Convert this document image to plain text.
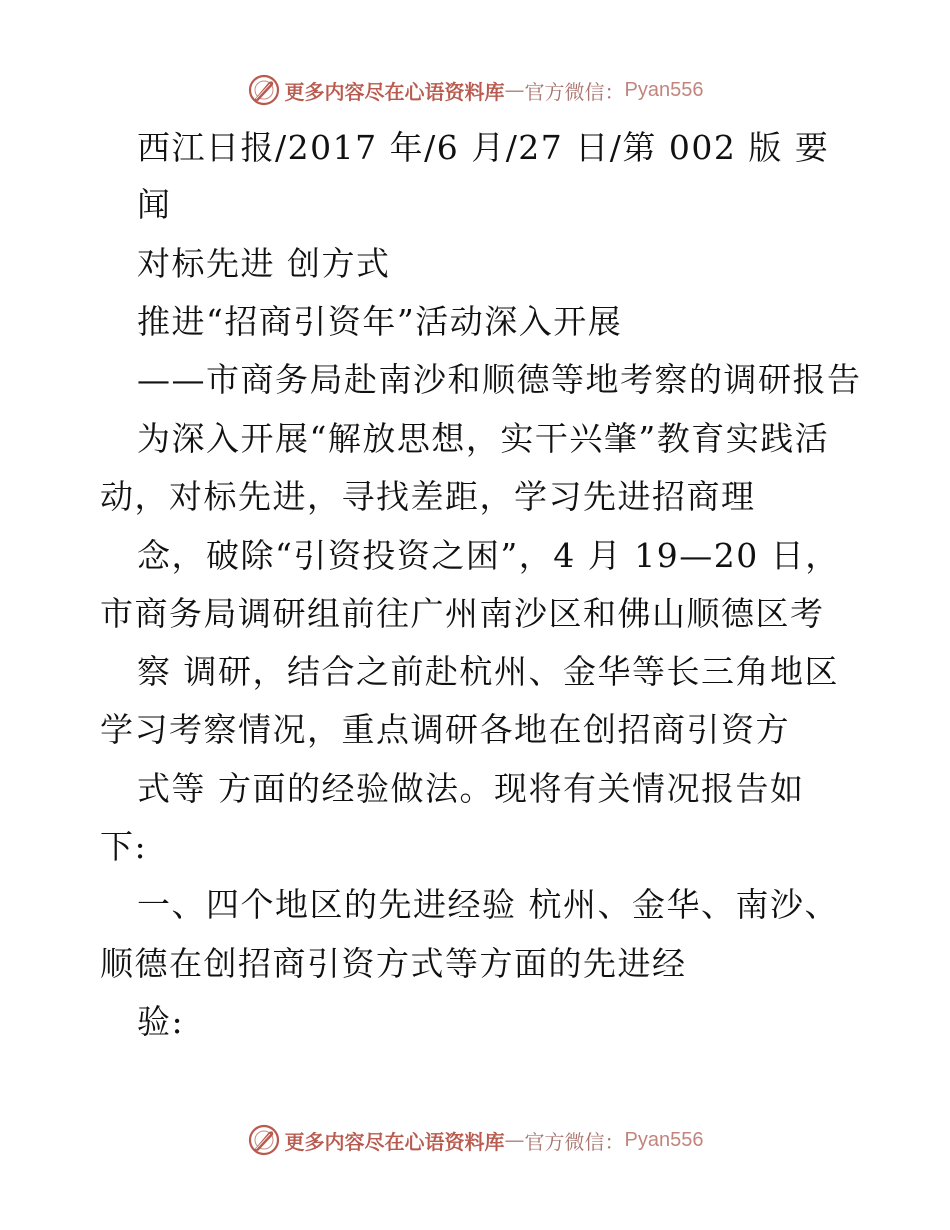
更多内容尽在心语资料库 — 官方微信： Pyan556
西江日报/2017 年/6 月/27 日/第 002 版 要
闻
对标先进 创方式
推进“招商引资年”活动深入开展
——市商务局赴南沙和顺德等地考察的调研报告
为深入开展“解放思想，实干兴肇”教育实践活
动，对标先进，寻找差距，学习先进招商理
念，破除“引资投资之困”，4 月 19—20 日，
市商务局调研组前往广州南沙区和佛山顺德区考
察 调研，结合之前赴杭州、金华等长三角地区
学习考察情况，重点调研各地在创招商引资方
式等 方面的经验做法。现将有关情况报告如
下:
一、四个地区的先进经验 杭州、金华、南沙、
顺德在创招商引资方式等方面的先进经
验:
更多内容尽在心语资料库 — 官方微信： Pyan556
